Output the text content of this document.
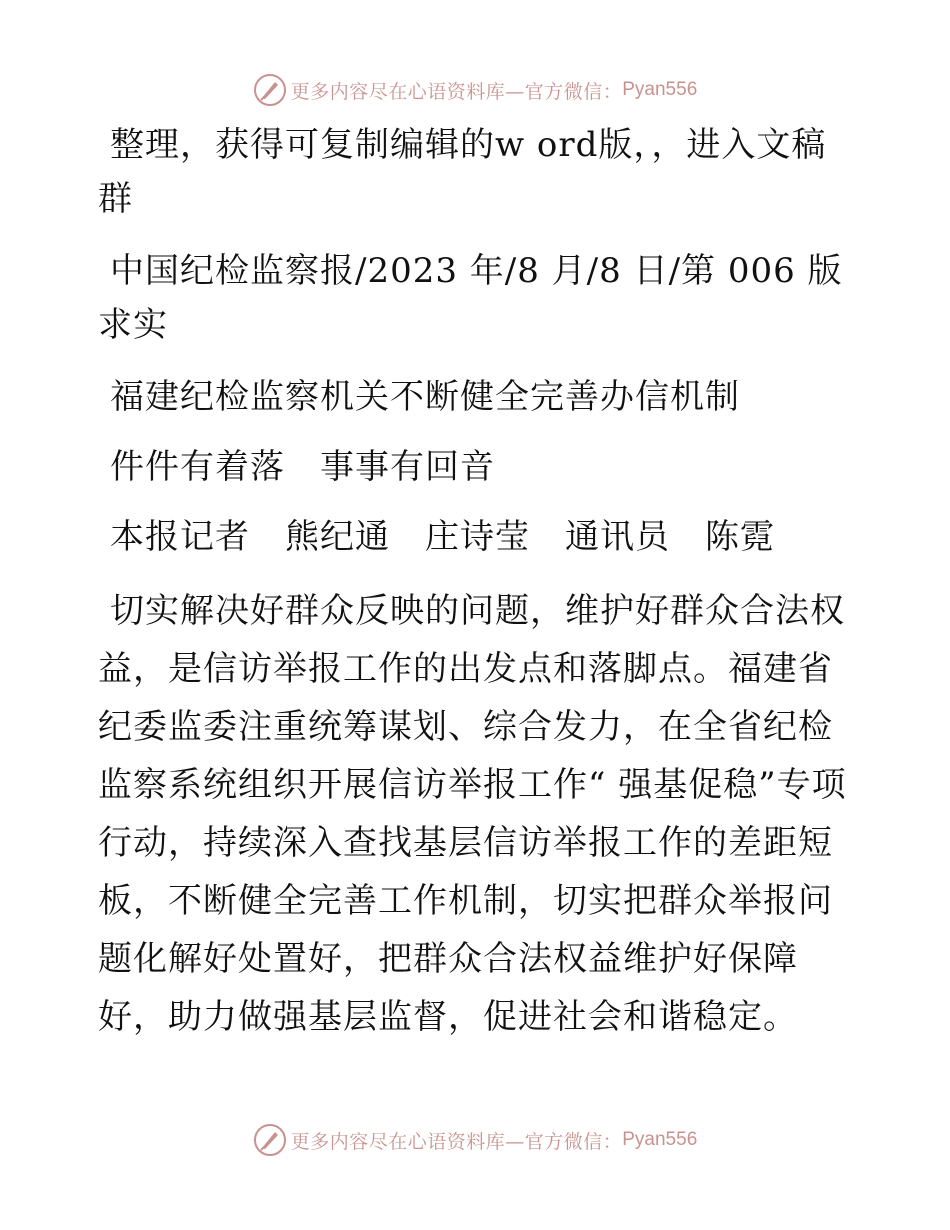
更多内容尽在心语资料库—官方微信： Pyan556

整理，获得可复制编辑的w ord版，，进入文稿群

中国纪检监察报/2023 年/8 月/8 日/第 006 版求实

福建纪检监察机关不断健全完善办信机制

件件有着落　事事有回音

本报记者　熊纪通　庄诗莹　通讯员　陈霓

切实解决好群众反映的问题，维护好群众合法权益，是信访举报工作的出发点和落脚点。福建省纪委监委注重统筹谋划、综合发力，在全省纪检监察系统组织开展信访举报工作“ 强基促稳”专项行动，持续深入查找基层信访举报工作的差距短板，不断健全完善工作机制，切实把群众举报问题化解好处置好，把群众合法权益维护好保障好，助力做强基层监督，促进社会和谐稳定。

更多内容尽在心语资料库—官方微信： Pyan556
